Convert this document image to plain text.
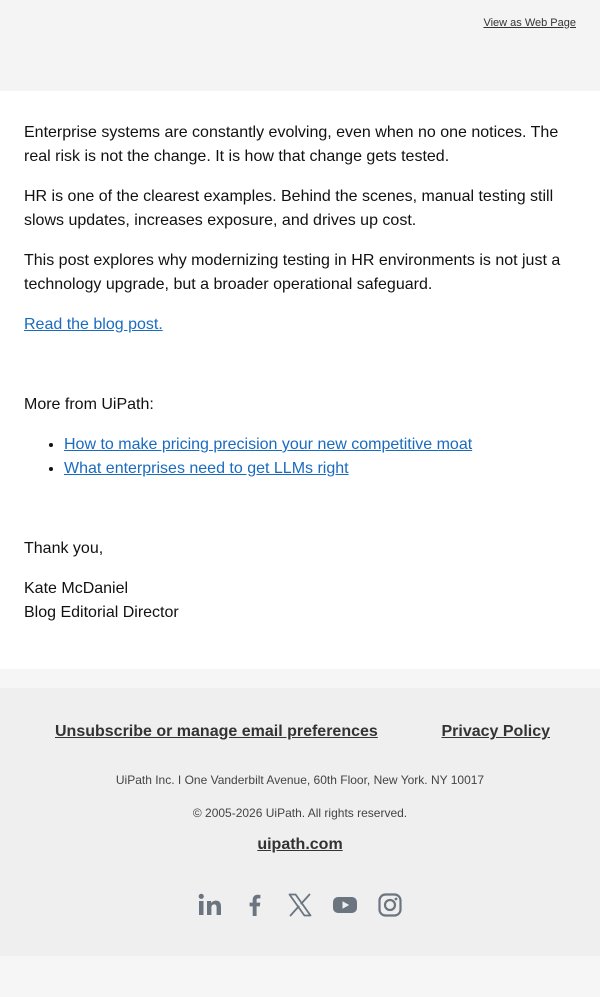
View as Web Page

Enterprise systems are constantly evolving, even when no one notices. The real risk is not the change. It is how that change gets tested.

HR is one of the clearest examples. Behind the scenes, manual testing still slows updates, increases exposure, and drives up cost.

This post explores why modernizing testing in HR environments is not just a technology upgrade, but a broader operational safeguard.

Read the blog post.

More from UiPath:

• How to make pricing precision your new competitive moat
• What enterprises need to get LLMs right

Thank you,

Kate McDaniel
Blog Editorial Director

Unsubscribe or manage email preferences	Privacy Policy
UiPath Inc. I One Vanderbilt Avenue, 60th Floor, New York. NY 10017
© 2005-2026 UiPath. All rights reserved.
uipath.com
